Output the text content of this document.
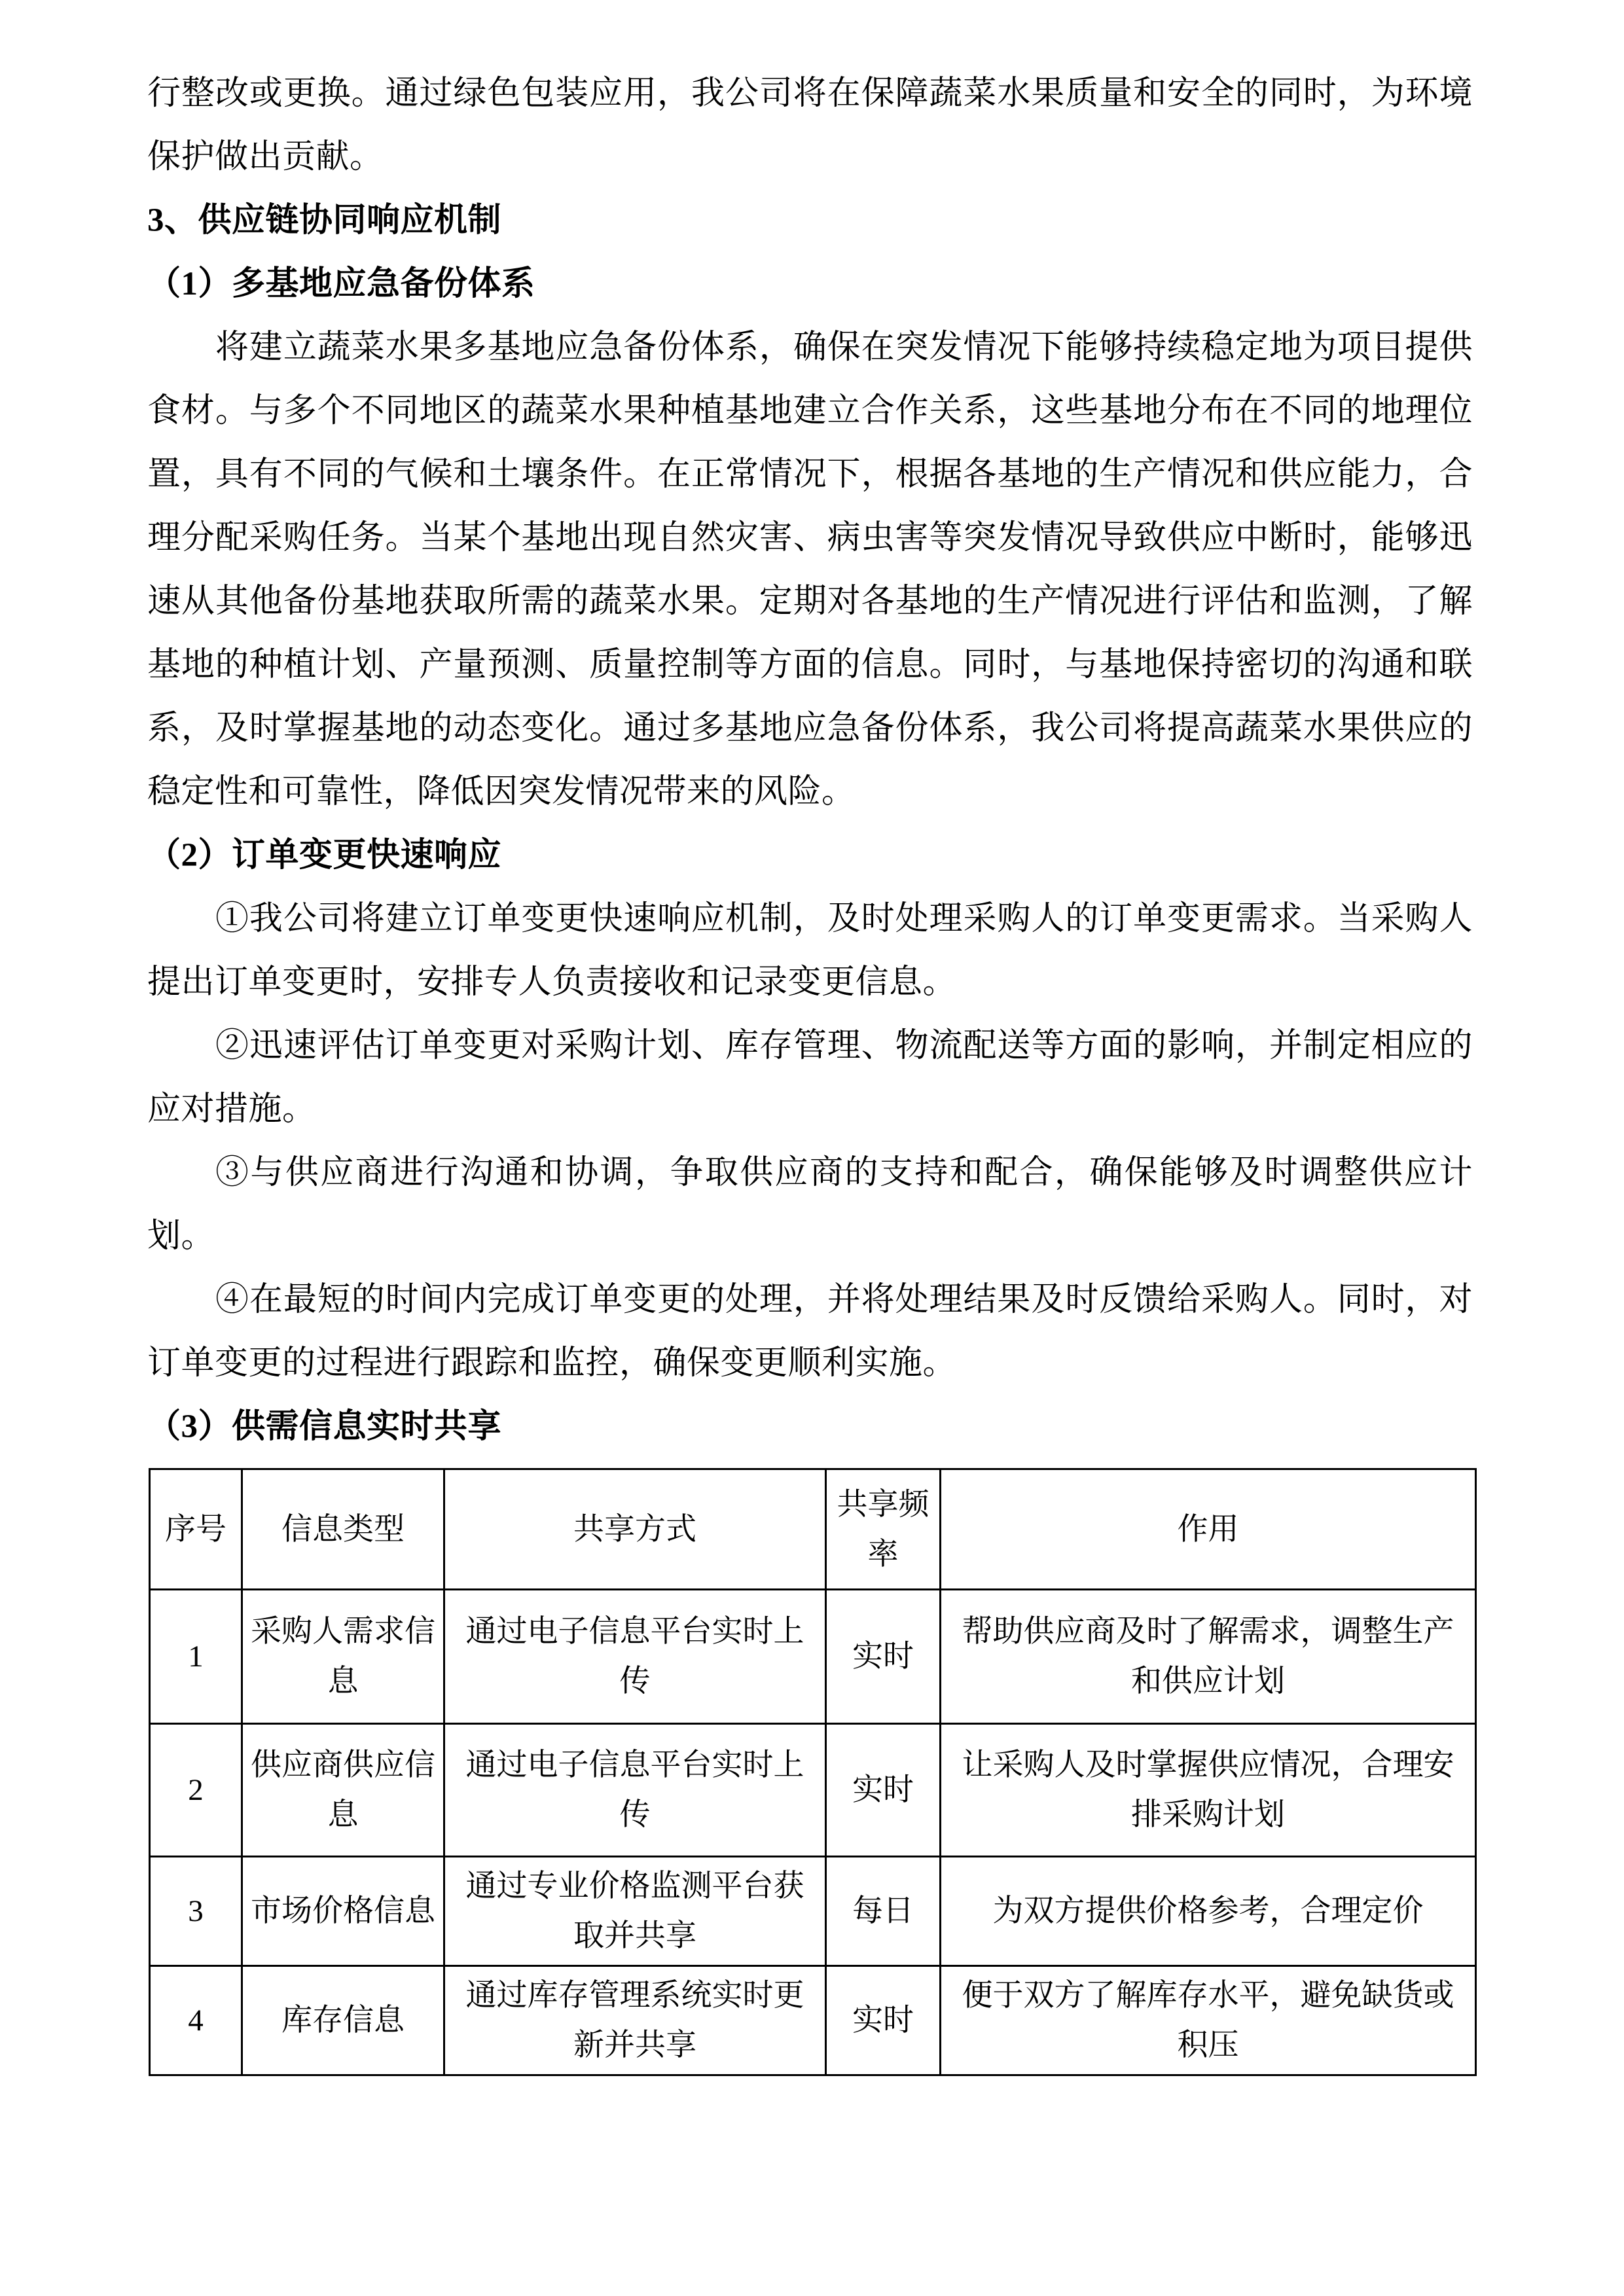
行整改或更换。通过绿色包装应用，我公司将在保障蔬菜水果质量和安全的同时，为环境保护做出贡献。

3、供应链协同响应机制

（1）多基地应急备份体系

将建立蔬菜水果多基地应急备份体系，确保在突发情况下能够持续稳定地为项目提供食材。与多个不同地区的蔬菜水果种植基地建立合作关系，这些基地分布在不同的地理位置，具有不同的气候和土壤条件。在正常情况下，根据各基地的生产情况和供应能力，合理分配采购任务。当某个基地出现自然灾害、病虫害等突发情况导致供应中断时，能够迅速从其他备份基地获取所需的蔬菜水果。定期对各基地的生产情况进行评估和监测，了解基地的种植计划、产量预测、质量控制等方面的信息。同时，与基地保持密切的沟通和联系，及时掌握基地的动态变化。通过多基地应急备份体系，我公司将提高蔬菜水果供应的稳定性和可靠性，降低因突发情况带来的风险。

（2）订单变更快速响应

①我公司将建立订单变更快速响应机制，及时处理采购人的订单变更需求。当采购人提出订单变更时，安排专人负责接收和记录变更信息。

②迅速评估订单变更对采购计划、库存管理、物流配送等方面的影响，并制定相应的应对措施。

③与供应商进行沟通和协调，争取供应商的支持和配合，确保能够及时调整供应计划。

④在最短的时间内完成订单变更的处理，并将处理结果及时反馈给采购人。同时，对订单变更的过程进行跟踪和监控，确保变更顺利实施。

（3）供需信息实时共享

序号	信息类型	共享方式	共享频率	作用

1	采购人需求信息	通过电子信息平台实时上传	实时	帮助供应商及时了解需求，调整生产和供应计划

2	供应商供应信息	通过电子信息平台实时上传	实时	让采购人及时掌握供应情况，合理安排采购计划

3	市场价格信息	通过专业价格监测平台获取并共享	每日	为双方提供价格参考，合理定价

4	库存信息	通过库存管理系统实时更新并共享	实时	便于双方了解库存水平，避免缺货或积压
